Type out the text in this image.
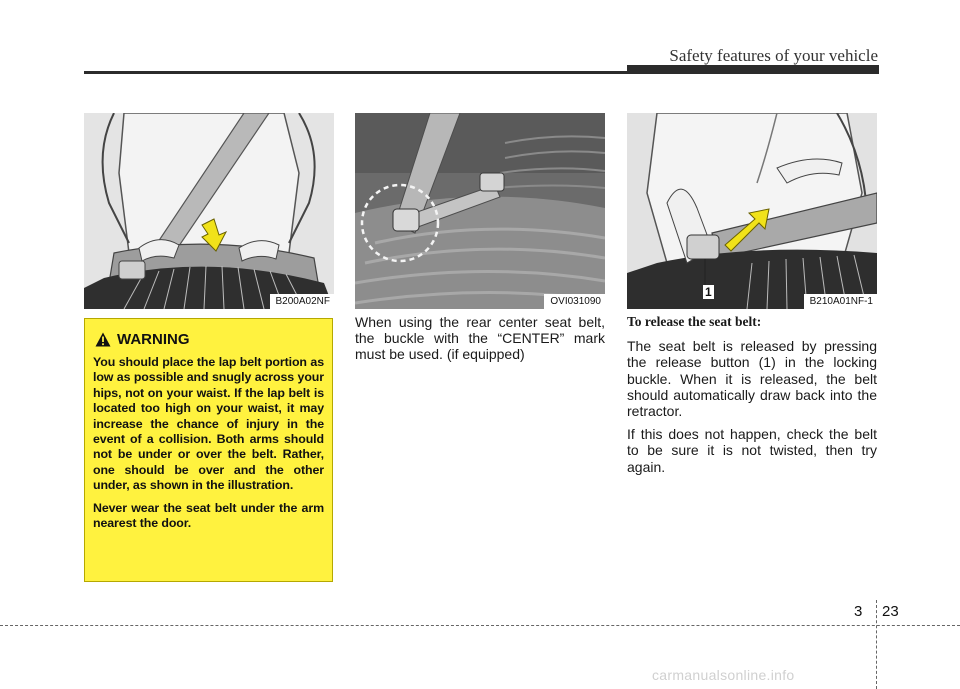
Safety features of your vehicle
B200A02NF	OVI031090
1
B210A01NF-1
WARNING

You should place the lap belt portion as low as possible and snugly across your hips, not on your waist. If the lap belt is located too high on your waist, it may increase the chance of injury in the event of a collision. Both arms should not be under or over the belt. Rather, one should be over and the other under, as shown in the illustration.

Never wear the seat belt under the arm nearest the door.

When using the rear center seat belt, the buckle with the “CENTER” mark must be used. (if equipped)

To release the seat belt:

The seat belt is released by pressing the release button (1) in the locking buckle. When it is released, the belt should automatically draw back into the retractor.

If this does not happen, check the belt to be sure it is not twisted, then try again.

3 23
carmanualsonline.info
